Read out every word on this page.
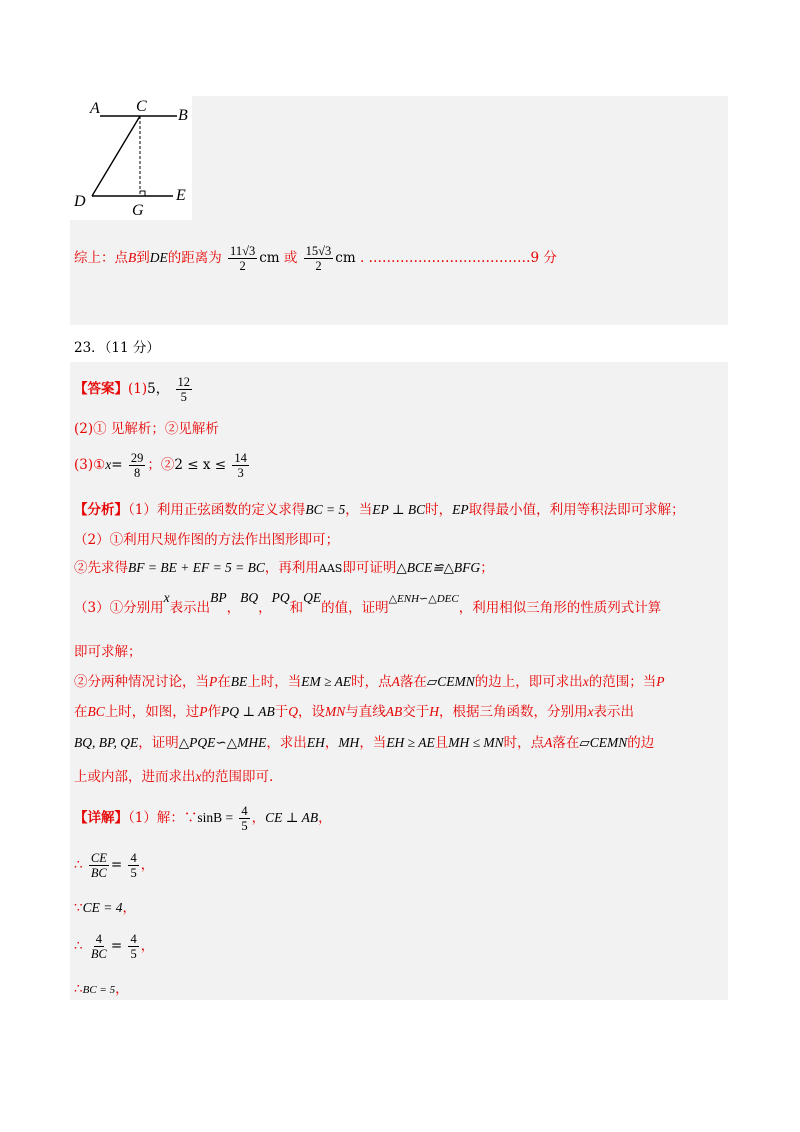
A C
B
D
G
E
综上：点B到DE的距离为 $\frac{11√3}{2}$ cm 或 $\frac{15√3}{2}$ cm . ………………………………9 分
23．（11 分）
【答案】(1)5， $\frac{12}{5}$
(2)① 见解析；②见解析
(3)①x= $\frac{29}{8}$ ；②2 ≤ $x \le \frac{14}{3}$
【分析】（1）利用正弦函数的定义求得BC = 5，当EP ⊥ BC时，EP取得最小值，利用等积法即可求解；
（2）①利用尺规作图的方法作出图形即可；
②先求得BF = BE + EF = 5 = BC，再利用AAS即可证明△BCE≌△BFG；
（3）①分别用x表示出BP，BQ，PQ和QE的值，证明$^{\triangle ENH∽\triangle DEC}$，利用相似三角形的性质列式计算
即可求解；
②分两种情况讨论，当P在BE上时，当EM ≥ AE时，点A落在▱CEMN的边上，即可求出x的范围；当P
在BC上时，如图，过P作PQ ⊥ AB于Q，设MN与直线AB交于H，根据三角函数，分别用x表示出
BQ, BP, QE，证明△PQE∽△MHE，求出EH，MH，当EH ≥ AE且MH ≤ MN时，点A落在▱CEMN的边
上或内部，进而求出x的范围即可.
【详解】（1）解：∵sinB = $\frac{4}{5}$ ，CE ⊥ AB，
∴ $\frac{CE}{BC} = \frac{4}{5}$ ，
∵CE = 4，
∴ $\frac{4}{BC} = \frac{4}{5}$ ，
∴BC = 5，
